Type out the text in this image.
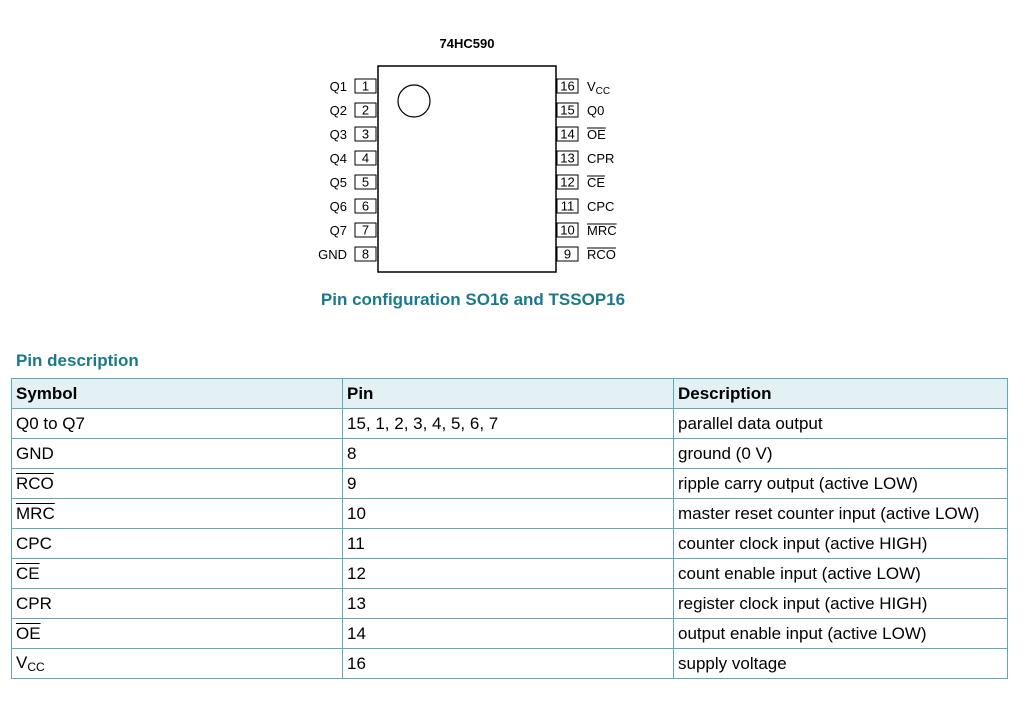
74HC590
1
Q1
2
Q2
3
Q3
4
Q4
5
Q5
6
Q6
7
Q7
8
GND
16 $V_{CC}$
15 Q0
14 OE
13 CPR
12 CE
11 CPC
10 MRC
9 RCO
Pin configuration SO16 and TSSOP16
Pin description
Symbol	Pin	Description
Q0 to Q7	15, 1, 2, 3, 4, 5, 6, 7	parallel data output
GND	8	ground (0 V)
$\overline{RCO}$	9	ripple carry output (active LOW)
$\overline{MRC}$	10	master reset counter input (active LOW)
CPC	11	counter clock input (active HIGH)
$\overline{CE}$	12	count enable input (active LOW)
CPR	13	register clock input (active HIGH)
$\overline{OE}$	14	output enable input (active LOW)
$V_{CC}$	16	supply voltage
